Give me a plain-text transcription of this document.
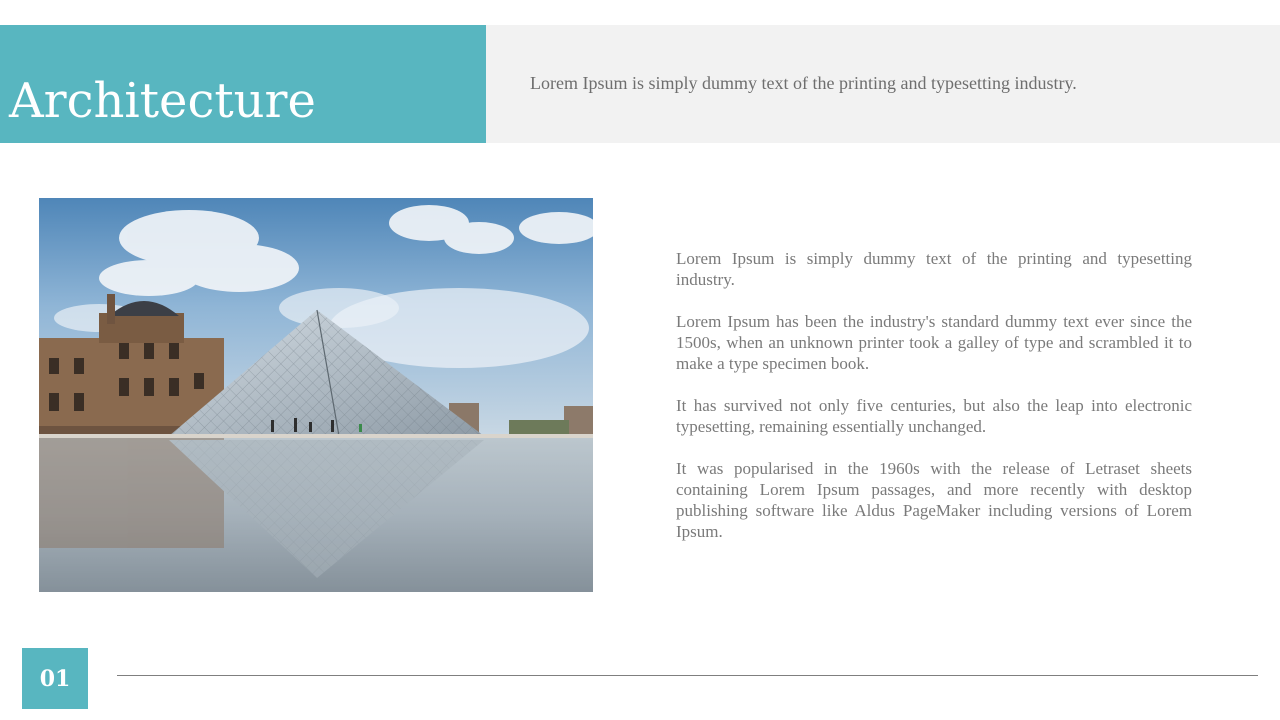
Architecture	Lorem Ipsum is simply dummy text of the printing and typesetting industry.

Lorem Ipsum is simply dummy text of the printing and typesetting industry.

Lorem Ipsum has been the industry's standard dummy text ever since the 1500s, when an unknown printer took a galley of type and scrambled it to make a type specimen book.

It has survived not only five centuries, but also the leap into electronic typesetting, remaining essentially unchanged.

It was popularised in the 1960s with the release of Letraset sheets containing Lorem Ipsum passages, and more recently with desktop publishing software like Aldus PageMaker including versions of Lorem Ipsum.

01
